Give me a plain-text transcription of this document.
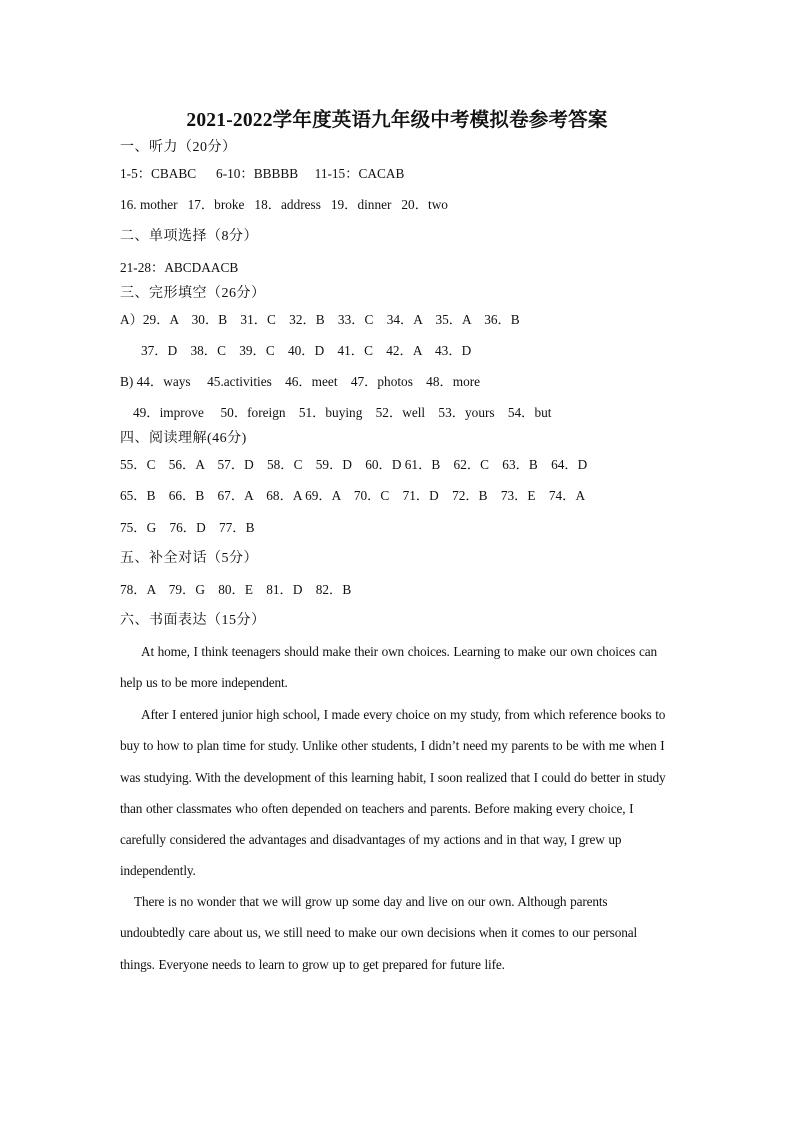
2021-2022学年度英语九年级中考模拟卷参考答案
一、听力（20分）
1-5：CBABC      6-10：BBBBB     11-15：CACAB
16. mother   17．broke   18．address   19．dinner   20．two
二、单项选择（8分）
21-28：ABCDAACB
三、完形填空（26分）
A）29．A    30．B    31．C    32．B    33．C    34．A    35．A    36．B
37．D    38．C    39．C    40．D    41．C    42．A    43．D
B) 44．ways     45.activities    46．meet    47．photos    48．more
49．improve     50．foreign    51．buying    52．well    53．yours    54．but
四、阅读理解(46分)
55．C    56．A    57．D    58．C    59．D    60．D 61．B    62．C    63．B    64．D
65．B    66．B    67．A    68．A 69．A    70．C    71．D    72．B    73．E    74．A
75．G    76．D    77．B
五、补全对话（5分）
78．A    79．G    80．E    81．D    82．B
六、书面表达（15分）

At home, I think teenagers should make their own choices. Learning to make our own choices can help us to be more independent.

After I entered junior high school, I made every choice on my study, from which reference books to buy to how to plan time for study. Unlike other students, I didn’t need my parents to be with me when I was studying. With the development of this learning habit, I soon realized that I could do better in study than other classmates who often depended on teachers and parents. Before making every choice, I carefully considered the advantages and disadvantages of my actions and in that way, I grew up independently.

There is no wonder that we will grow up some day and live on our own. Although parents undoubtedly care about us, we still need to make our own decisions when it comes to our personal things. Everyone needs to learn to grow up to get prepared for future life.
